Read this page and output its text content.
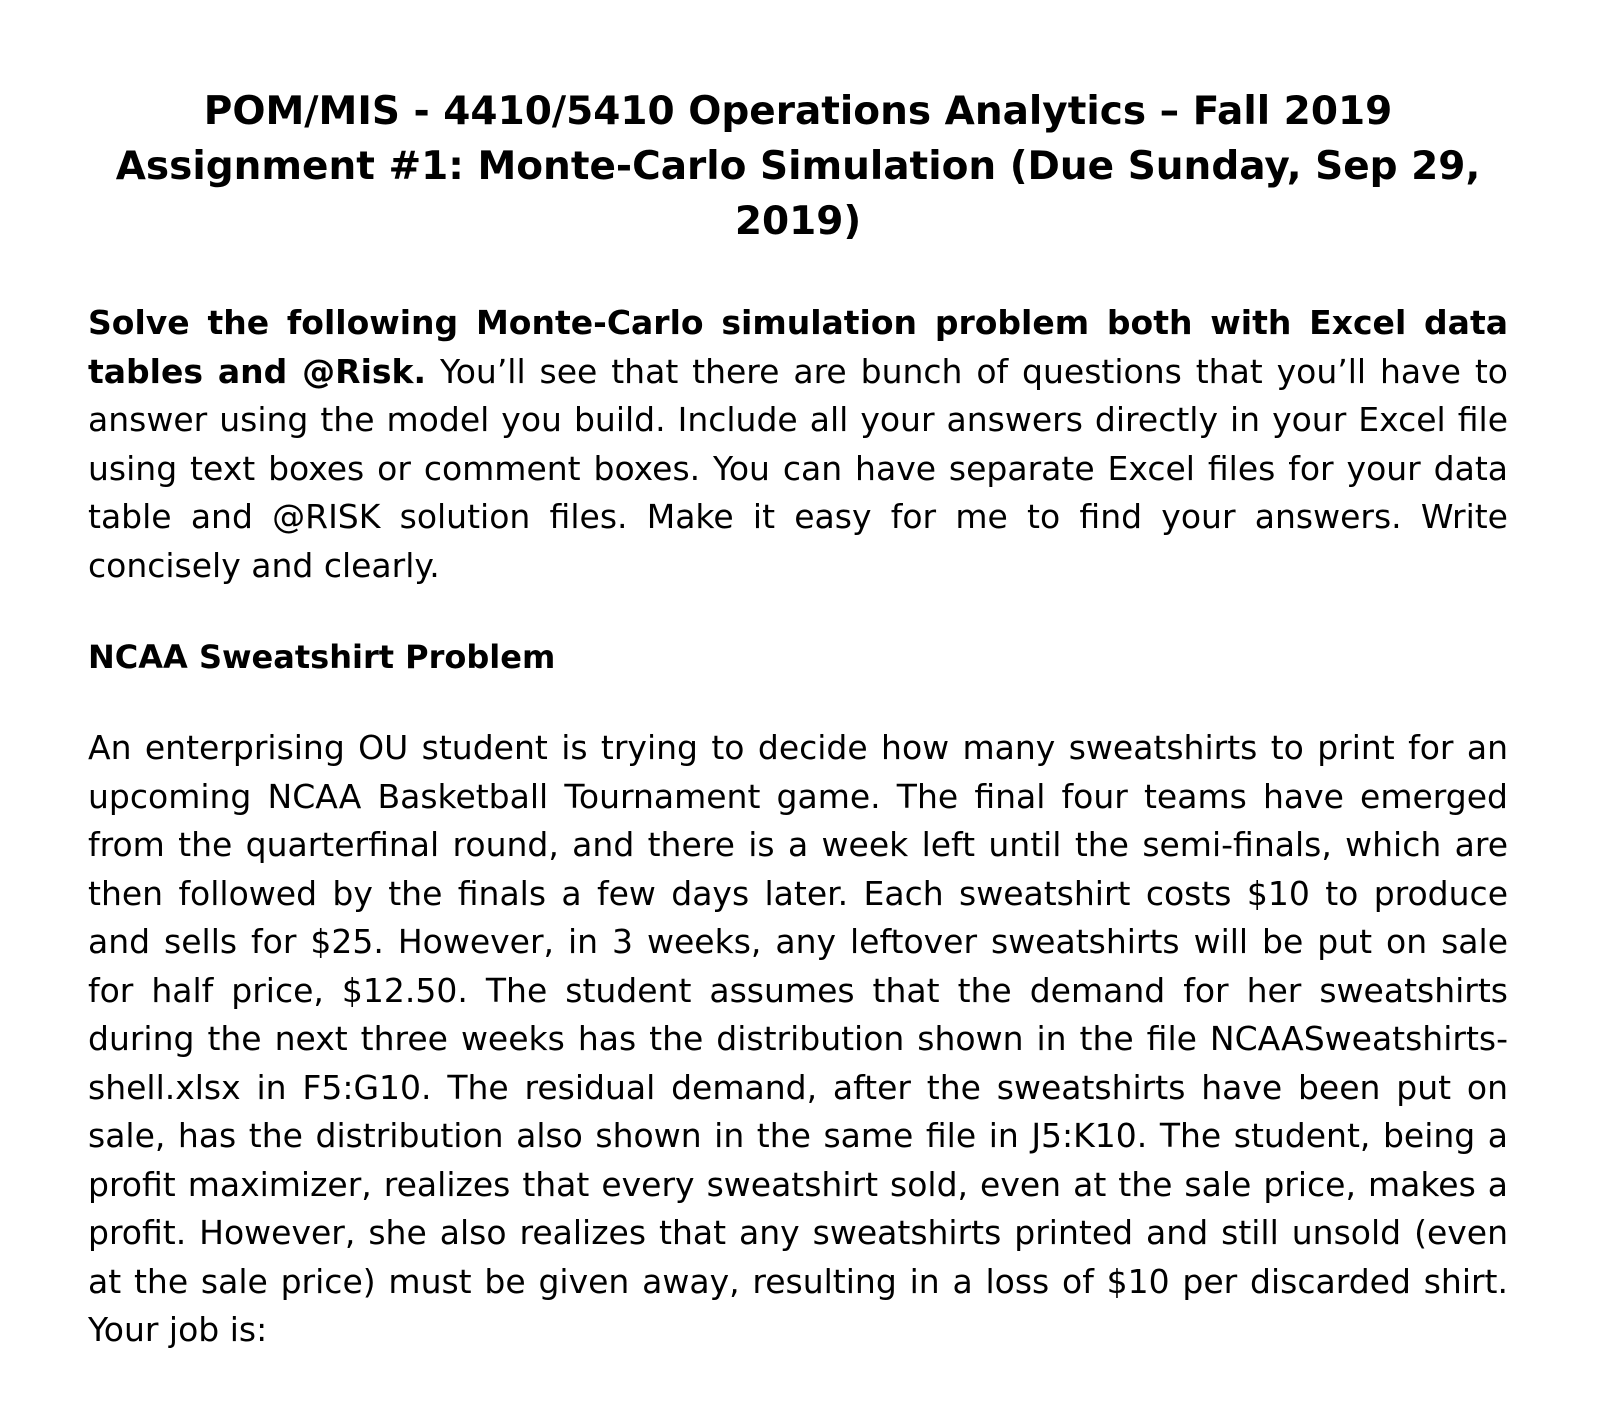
POM/MIS - 4410/5410 Operations Analytics – Fall 2019
Assignment #1: Monte-Carlo Simulation (Due Sunday, Sep 29, 2019)

Solve the following Monte-Carlo simulation problem both with Excel data tables and @Risk. You’ll see that there are bunch of questions that you’ll have to answer using the model you build. Include all your answers directly in your Excel file using text boxes or comment boxes. You can have separate Excel files for your data table and @RISK solution files. Make it easy for me to find your answers. Write concisely and clearly.

NCAA Sweatshirt Problem

An enterprising OU student is trying to decide how many sweatshirts to print for an upcoming NCAA Basketball Tournament game. The final four teams have emerged from the quarterfinal round, and there is a week left until the semi-finals, which are then followed by the finals a few days later. Each sweatshirt costs $10 to produce and sells for $25. However, in 3 weeks, any leftover sweatshirts will be put on sale for half price, $12.50. The student assumes that the demand for her sweatshirts during the next three weeks has the distribution shown in the file NCAASweatshirts-shell.xlsx in F5:G10. The residual demand, after the sweatshirts have been put on sale, has the distribution also shown in the same file in J5:K10. The student, being a profit maximizer, realizes that every sweatshirt sold, even at the sale price, makes a profit. However, she also realizes that any sweatshirts printed and still unsold (even at the sale price) must be given away, resulting in a loss of $10 per discarded shirt. Your job is:
